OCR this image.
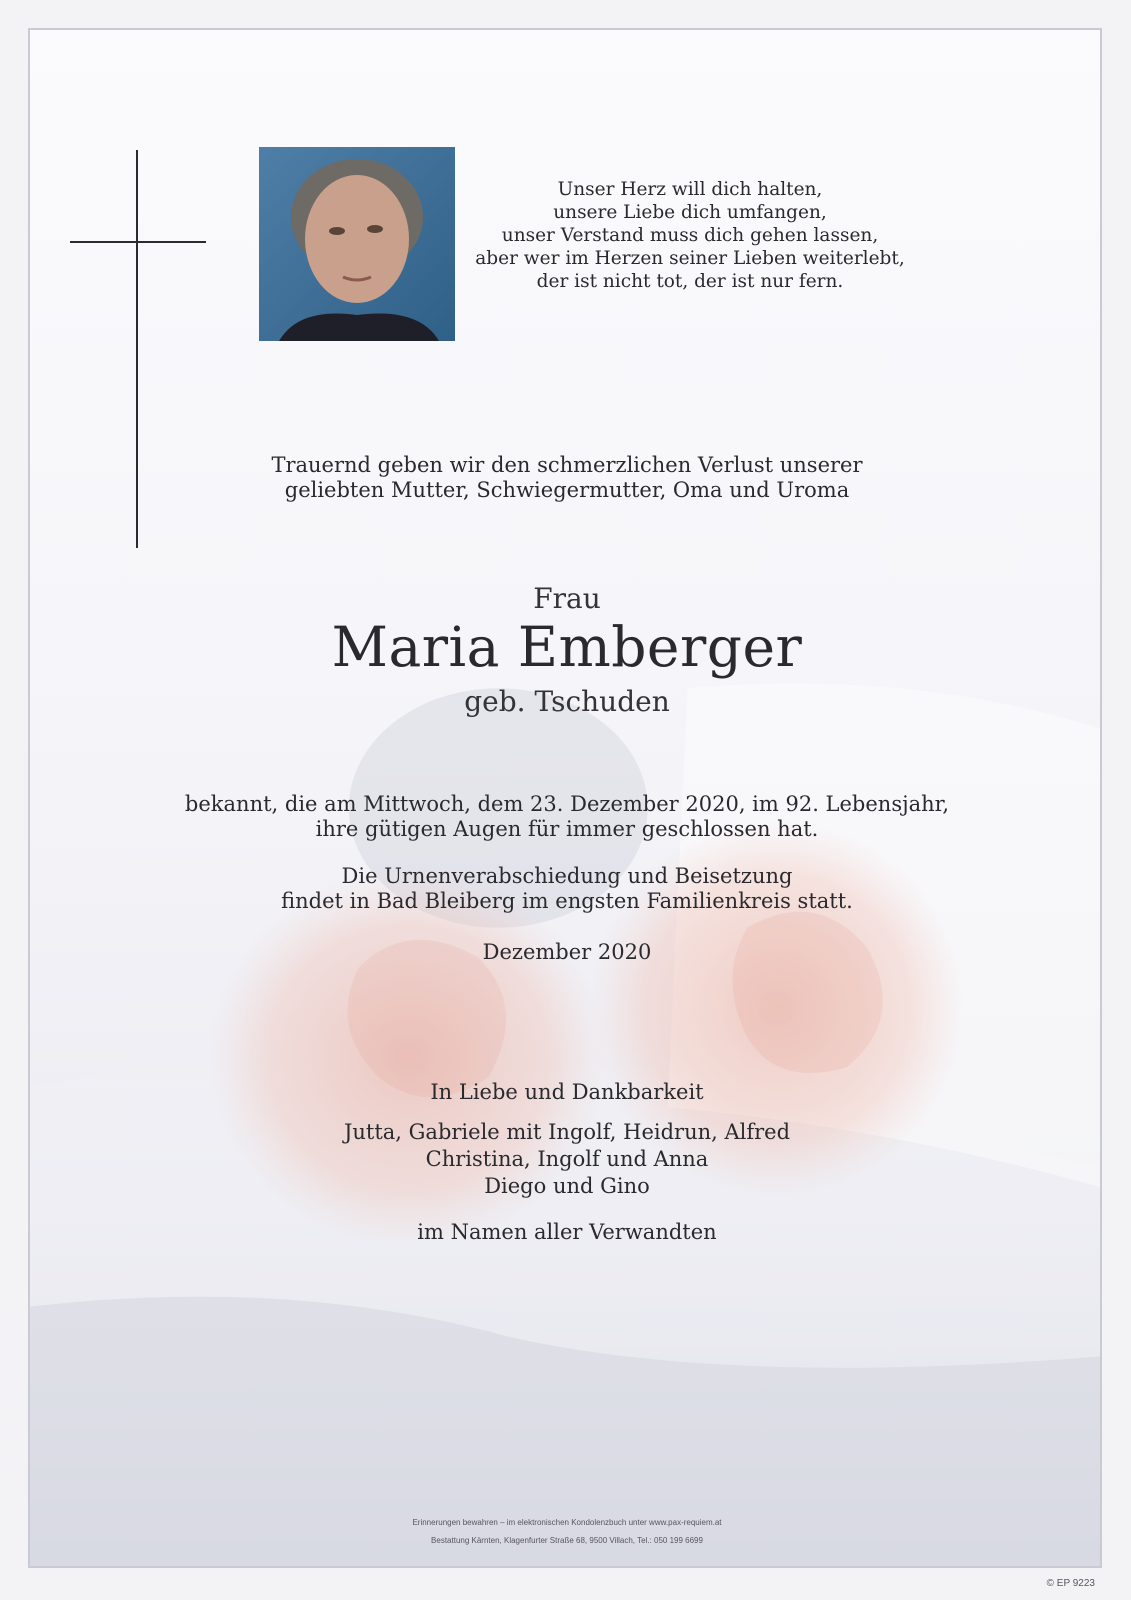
Unser Herz will dich halten,
unsere Liebe dich umfangen,
unser Verstand muss dich gehen lassen,
aber wer im Herzen seiner Lieben weiterlebt,
der ist nicht tot, der ist nur fern.
Trauernd geben wir den schmerzlichen Verlust unserer
geliebten Mutter, Schwiegermutter, Oma und Uroma
Frau
Maria Emberger
geb. Tschuden
bekannt, die am Mittwoch, dem 23. Dezember 2020, im 92. Lebensjahr,
ihre gütigen Augen für immer geschlossen hat.
Die Urnenverabschiedung und Beisetzung
findet in Bad Bleiberg im engsten Familienkreis statt.
Dezember 2020
In Liebe und Dankbarkeit
Jutta, Gabriele mit Ingolf, Heidrun, Alfred
Christina, Ingolf und Anna
Diego und Gino
im Namen aller Verwandten
Erinnerungen bewahren – im elektronischen Kondolenzbuch unter www.pax-requiem.at
Bestattung Kärnten, Klagenfurter Straße 68, 9500 Villach, Tel.: 050 199 6699
© EP 9223
